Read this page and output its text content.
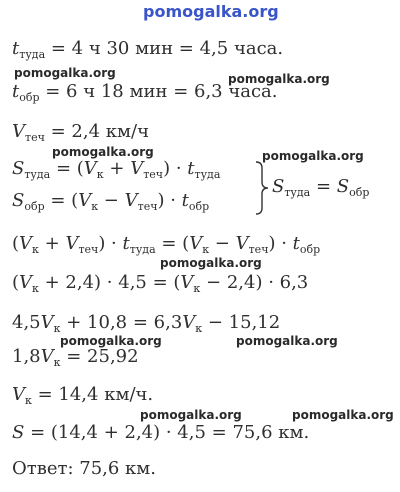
pomogalka.org
$t_{туда} = 4$ ч 30 мин = 4,5 часа.
pomogalka.org	pomogalka.org
$t_{обр} = 6$ ч 18 мин = 6,3 часа.
$V_{теч} = 2,4$ км/ч
pomogalka.org	pomogalka.org
$S_{туда} = (V_к + V_{теч}) \cdot t_{туда}$
$S_{обр} = (V_к - V_{теч}) \cdot t_{обр}$
$S_{туда} = S_{обр}$
$(V_к + V_{теч}) \cdot t_{туда} = (V_к - V_{теч}) \cdot t_{обр}$
pomogalka.org
$(V_к + 2,4) \cdot 4,5 = (V_к - 2,4) \cdot 6,3$
$4,5V_к + 10,8 = 6,3V_к - 15,12$
pomogalka.org	pomogalka.org
$1,8V_к = 25,92$
$V_к = 14,4$ км/ч.
pomogalka.org	pomogalka.org
S = (14,4 + 2,4) · 4,5 = 75,6 км.
Ответ: 75,6 км.
